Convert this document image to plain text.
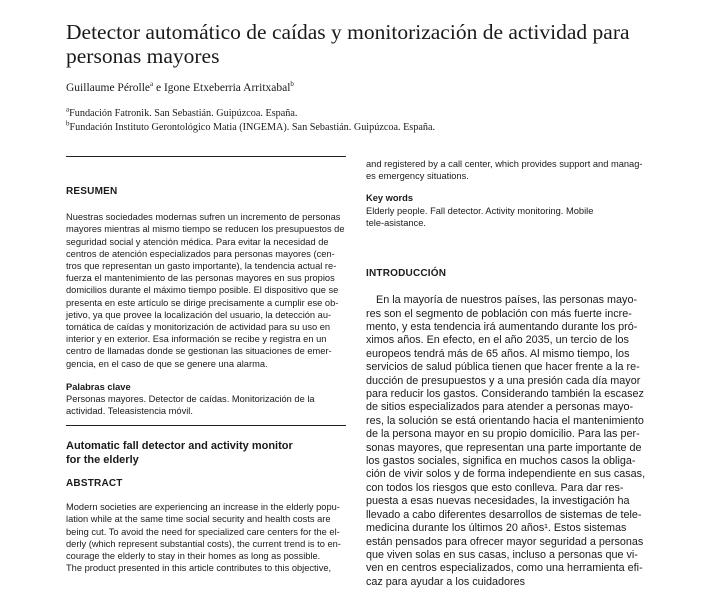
Detector automático de caídas y monitorización de actividad para personas mayores
Guillaume Pérolle$^a$ e Igone Etxeberria Arritxabal$^b$
$^a$Fundación Fatronik. San Sebastián. Guipúzcoa. España.
$^b$Fundación Instituto Gerontológico Matia (INGEMA). San Sebastián. Guipúzcoa. España.
RESUMEN
Nuestras sociedades modernas sufren un incremento de personas
mayores mientras al mismo tiempo se reducen los presupuestos de
seguridad social y atención médica. Para evitar la necesidad de
centros de atención especializados para personas mayores (cen-
tros que representan un gasto importante), la tendencia actual re-
fuerza el mantenimiento de las personas mayores en sus propios
domicilios durante el máximo tiempo posible. El dispositivo que se
presenta en este artículo se dirige precisamente a cumplir ese ob-
jetivo, ya que provee la localización del usuario, la detección au-
tomática de caídas y monitorización de actividad para su uso en
interior y en exterior. Esa información se recibe y registra en un
centro de llamadas donde se gestionan las situaciones de emer-
gencia, en el caso de que se genere una alarma.
Palabras clave
Personas mayores. Detector de caídas. Monitorización de la
actividad. Teleasistencia móvil.
Automatic fall detector and activity monitor
for the elderly
ABSTRACT
Modern societies are experiencing an increase in the elderly popu-
lation while at the same time social security and health costs are
being cut. To avoid the need for specialized care centers for the el-
derly (which represent substantial costs), the current trend is to en-
courage the elderly to stay in their homes as long as possible.
The product presented in this article contributes to this objective,
and registered by a call center, which provides support and manag-
es emergency situations.
Key words
Elderly people. Fall detector. Activity monitoring. Mobile
tele-asistance.
INTRODUCCIÓN
En la mayoría de nuestros países, las personas mayo-
res son el segmento de población con más fuerte incre-
mento, y esta tendencia irá aumentando durante los pró-
ximos años. En efecto, en el año 2035, un tercio de los
europeos tendrá más de 65 años. Al mismo tiempo, los
servicios de salud pública tienen que hacer frente a la re-
ducción de presupuestos y a una presión cada día mayor
para reducir los gastos. Considerando también la escasez
de sitios especializados para atender a personas mayo-
res, la solución se está orientando hacia el mantenimiento
de la persona mayor en su propio domicilio. Para las per-
sonas mayores, que representan una parte importante de
los gastos sociales, significa en muchos casos la obliga-
ción de vivir solos y de forma independiente en sus casas,
con todos los riesgos que esto conlleva. Para dar res-
puesta a esas nuevas necesidades, la investigación ha
llevado a cabo diferentes desarrollos de sistemas de tele-
medicina durante los últimos 20 años¹. Estos sistemas
están pensados para ofrecer mayor seguridad a personas
que viven solas en sus casas, incluso a personas que vi-
ven en centros especializados, como una herramienta efi-
caz para ayudar a los cuidadores
